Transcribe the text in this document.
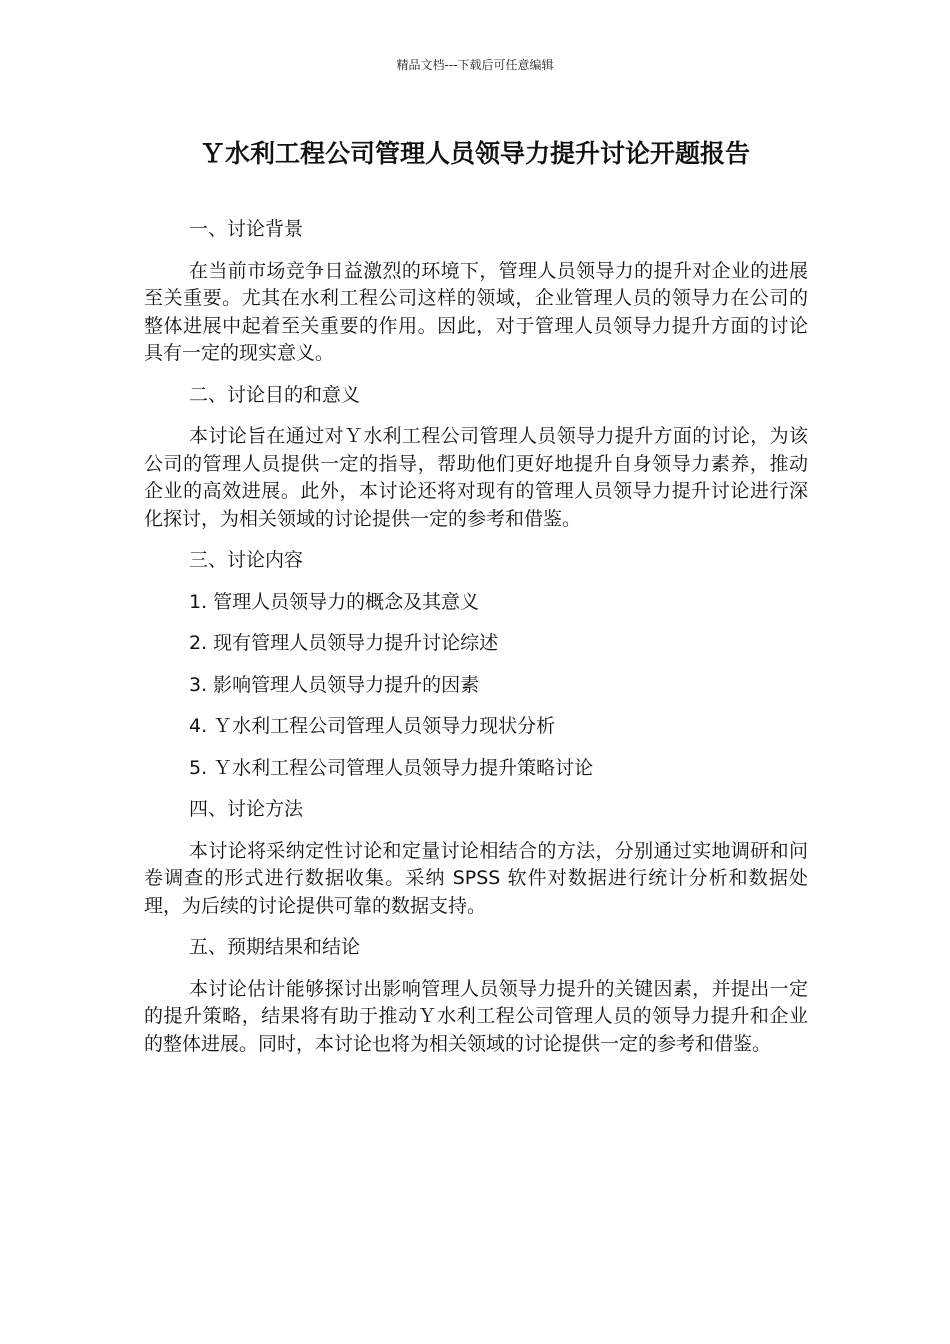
精品文档---下载后可任意编辑
Ｙ水利工程公司管理人员领导力提升讨论开题报告

一、讨论背景

在当前市场竞争日益激烈的环境下，管理人员领导力的提升对企业的进展至关重要。尤其在水利工程公司这样的领域，企业管理人员的领导力在公司的整体进展中起着至关重要的作用。因此，对于管理人员领导力提升方面的讨论具有一定的现实意义。

二、讨论目的和意义

本讨论旨在通过对Ｙ水利工程公司管理人员领导力提升方面的讨论，为该公司的管理人员提供一定的指导，帮助他们更好地提升自身领导力素养，推动企业的高效进展。此外，本讨论还将对现有的管理人员领导力提升讨论进行深化探讨，为相关领域的讨论提供一定的参考和借鉴。

三、讨论内容

1. 管理人员领导力的概念及其意义
2. 现有管理人员领导力提升讨论综述
3. 影响管理人员领导力提升的因素
4. Ｙ水利工程公司管理人员领导力现状分析
5. Ｙ水利工程公司管理人员领导力提升策略讨论

四、讨论方法

本讨论将采纳定性讨论和定量讨论相结合的方法，分别通过实地调研和问卷调查的形式进行数据收集。采纳 SPSS 软件对数据进行统计分析和数据处理，为后续的讨论提供可靠的数据支持。

五、预期结果和结论

本讨论估计能够探讨出影响管理人员领导力提升的关键因素，并提出一定的提升策略，结果将有助于推动Ｙ水利工程公司管理人员的领导力提升和企业的整体进展。同时，本讨论也将为相关领域的讨论提供一定的参考和借鉴。
